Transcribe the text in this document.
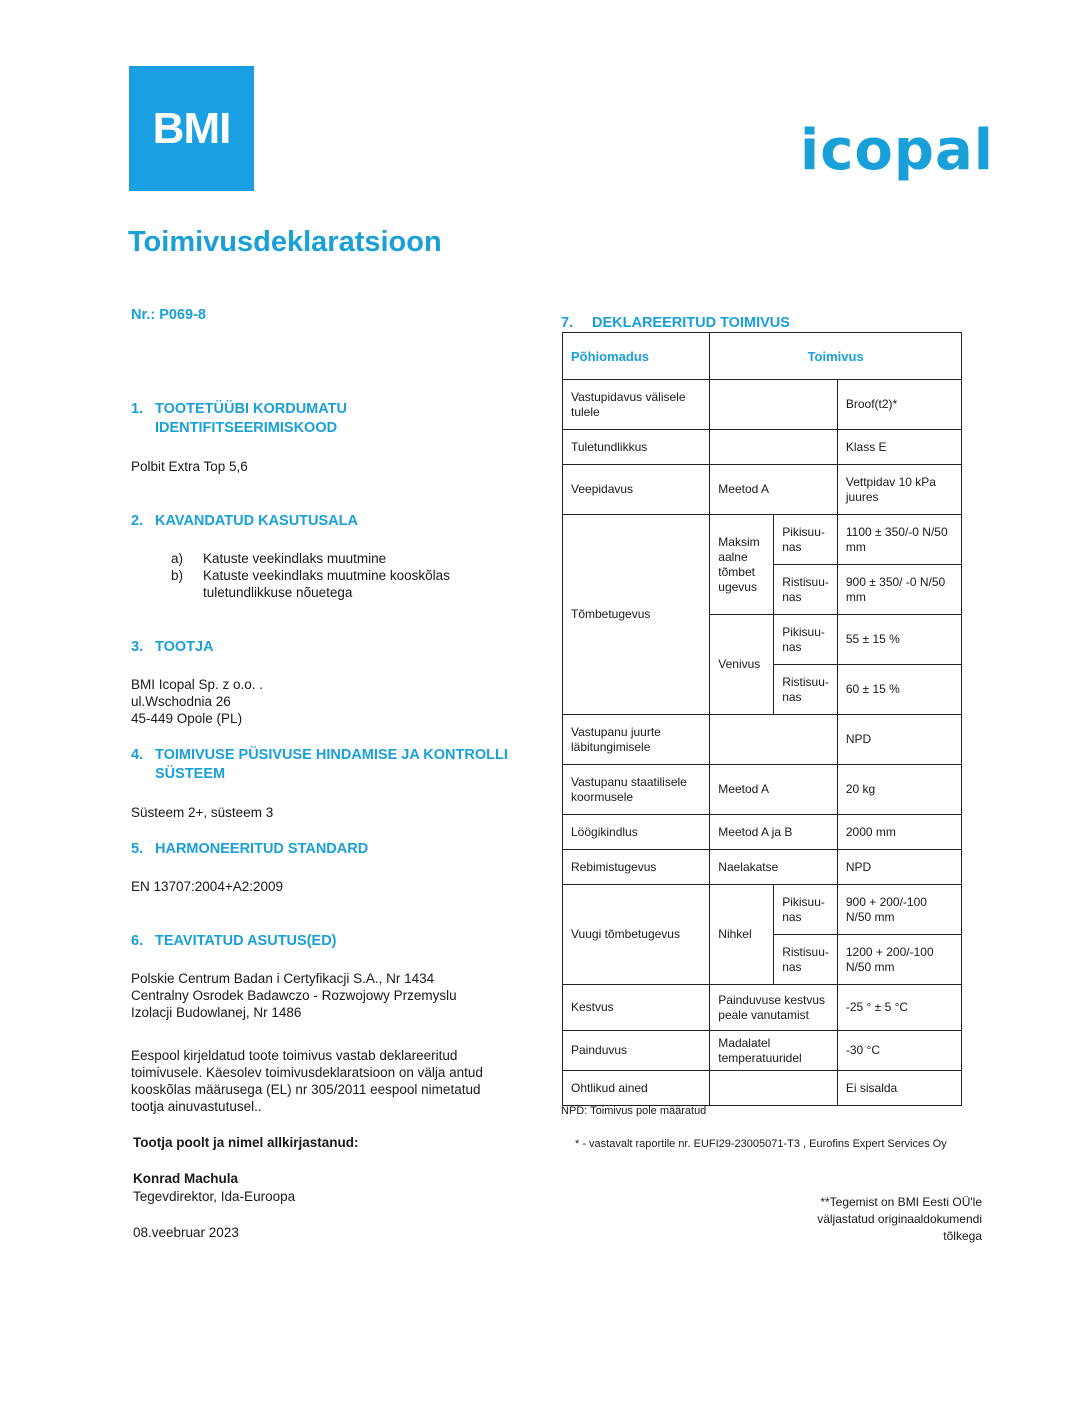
BMI	icopal
Toimivusdeklaratsioon
Nr.: P069-8
1. TOOTETÜÜBI KORDUMATU IDENTIFITSEERIMISKOOD
Polbit Extra Top 5,6
2. KAVANDATUD KASUTUSALA
a)	Katuste veekindlaks muutmine
b)	Katuste veekindlaks muutmine kooskõlas tuletundlikkuse nõuetega
3. TOOTJA
BMI Icopal Sp. z o.o. .
ul.Wschodnia 26
45-449 Opole (PL)
4. TOIMIVUSE PÜSIVUSE HINDAMISE JA KONTROLLI SÜSTEEM
Süsteem 2+, süsteem 3
5. HARMONEERITUD STANDARD
EN 13707:2004+A2:2009
6. TEAVITATUD ASUTUS(ED)
Polskie Centrum Badan i Certyfikacji S.A., Nr 1434
Centralny Osrodek Badawczo - Rozwojowy Przemyslu
Izolacji Budowlanej, Nr 1486
Eespool kirjeldatud toote toimivus vastab deklareeritud toimivusele. Käesolev toimivusdeklaratsioon on välja antud kooskõlas määrusega (EL) nr 305/2011 eespool nimetatud tootja ainuvastutusel..
Tootja poolt ja nimel allkirjastanud:
Konrad Machula
Tegevdirektor, Ida-Euroopa
08.veebruar 2023
7. DEKLAREERITUD TOIMIVUS
Põhiomadus	Toimivus		
Vastupidavus välisele tulele			Broof(t2)*
Tuletundlikkus			Klass E
Veepidavus	Meetod A		Vettpidav 10 kPa juures
Tõmbetugevus	Maksim aalne tõmbet ugevus	Pikisuu-nas	1100 ± 350/-0 N/50 mm
		Ristisuu-nas	900 ± 350/ -0 N/50 mm
	Venivus	Pikisuu-nas	55 ± 15 %
		Ristisuu-nas	60 ± 15 %
Vastupanu juurte läbitungimisele			NPD
Vastupanu staatilisele koormusele	Meetod A		20 kg
Löögikindlus	Meetod A ja B		2000 mm
Rebimistugevus	Naelakatse		NPD
Vuugi tõmbetugevus	Nihkel	Pikisuu-nas	900 + 200/-100 N/50 mm
		Ristisuu-nas	1200 + 200/-100 N/50 mm
Kestvus	Painduvuse kestvus peale vanutamist		-25 ° ± 5 °C
Painduvus	Madalatel temperatuuridel		-30 °C
Ohtlikud ained			Ei sisalda
NPD: Toimivus pole määratud
* - vastavalt raportile nr. EUFI29-23005071-T3 , Eurofins Expert Services Oy
**Tegemist on BMI Eesti OÜ'le väljastatud originaaldokumendi tõlkega
